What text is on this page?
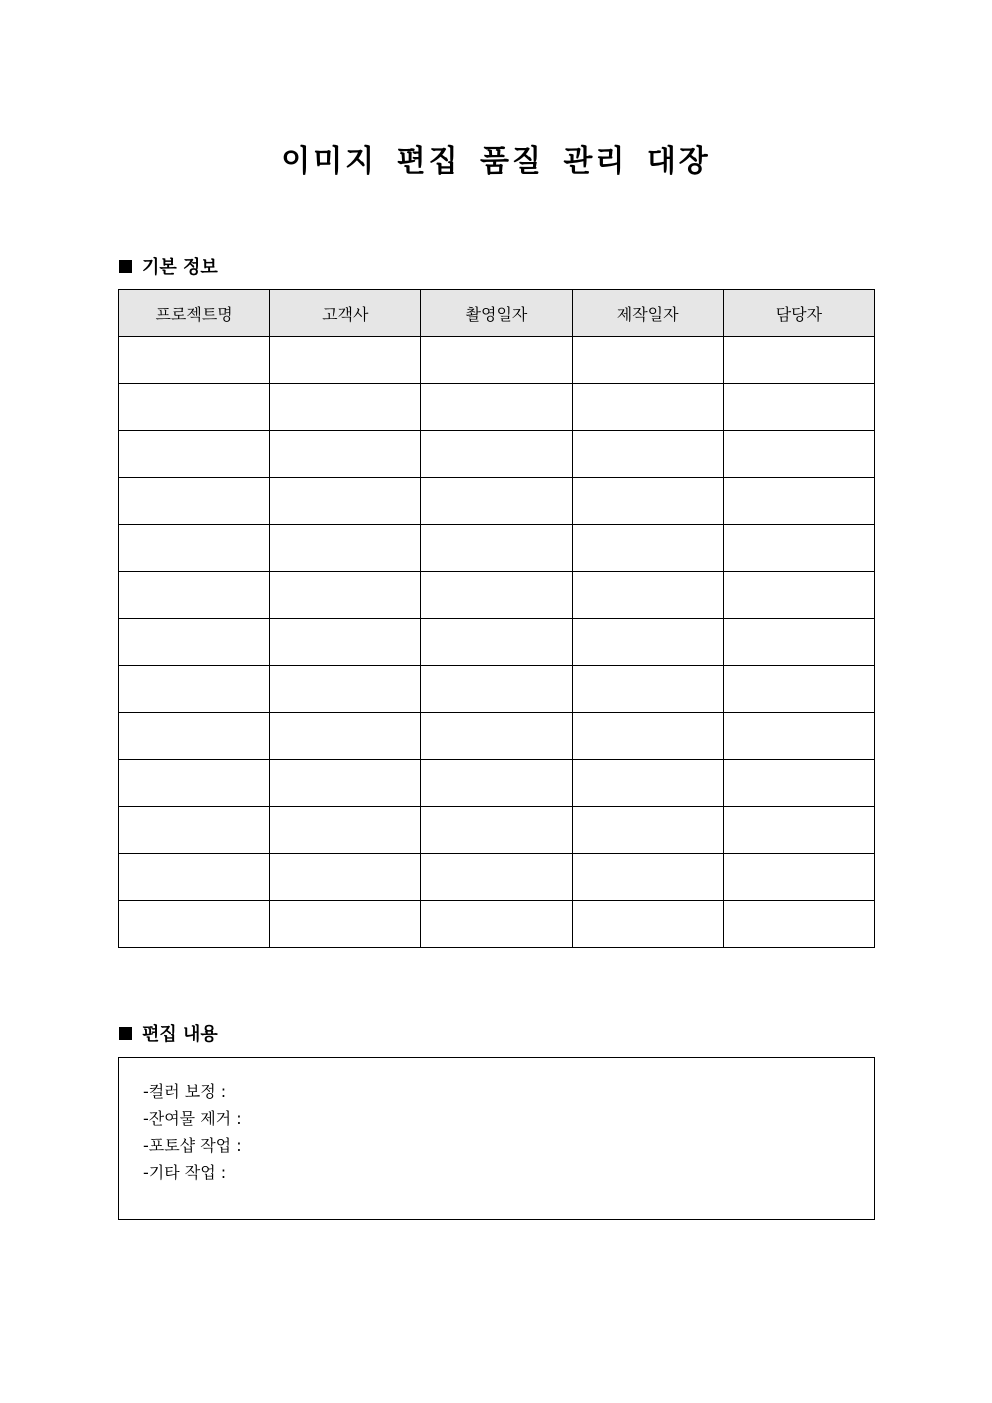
이미지 편집 품질 관리 대장
기본 정보
프로젝트명	고객사	촬영일자	제작일자	담당자

편집 내용
-컬러 보정 :
-잔여물 제거 :
-포토샵 작업 :
-기타 작업 :
